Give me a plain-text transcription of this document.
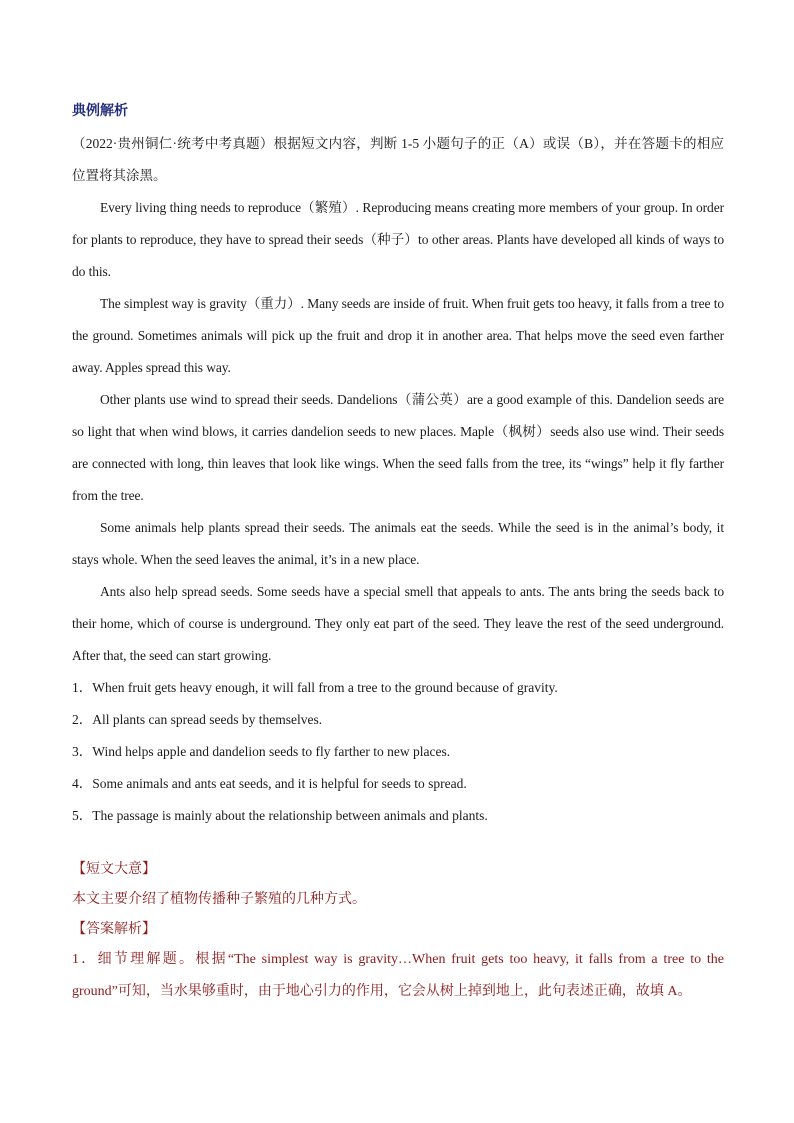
典例解析

（2022·贵州铜仁·统考中考真题）根据短文内容，判断 1-5 小题句子的正（A）或误（B），并在答题卡的相应位置将其涂黑。

Every living thing needs to reproduce（繁殖）. Reproducing means creating more members of your group. In order for plants to reproduce, they have to spread their seeds（种子）to other areas. Plants have developed all kinds of ways to do this.

The simplest way is gravity（重力）. Many seeds are inside of fruit. When fruit gets too heavy, it falls from a tree to the ground. Sometimes animals will pick up the fruit and drop it in another area. That helps move the seed even farther away. Apples spread this way.

Other plants use wind to spread their seeds. Dandelions（蒲公英）are a good example of this. Dandelion seeds are so light that when wind blows, it carries dandelion seeds to new places. Maple（枫树）seeds also use wind. Their seeds are connected with long, thin leaves that look like wings. When the seed falls from the tree, its “wings” help it fly farther from the tree.

Some animals help plants spread their seeds. The animals eat the seeds. While the seed is in the animal’s body, it stays whole. When the seed leaves the animal, it’s in a new place.

Ants also help spread seeds. Some seeds have a special smell that appeals to ants. The ants bring the seeds back to their home, which of course is underground. They only eat part of the seed. They leave the rest of the seed underground. After that, the seed can start growing.

1．When fruit gets heavy enough, it will fall from a tree to the ground because of gravity.

2．All plants can spread seeds by themselves.

3．Wind helps apple and dandelion seeds to fly farther to new places.

4．Some animals and ants eat seeds, and it is helpful for seeds to spread.

5．The passage is mainly about the relationship between animals and plants.

【短文大意】

本文主要介绍了植物传播种子繁殖的几种方式。

【答案解析】

1．细节理解题。根据“The simplest way is gravity…When fruit gets too heavy, it falls from a tree to the ground”可知，当水果够重时，由于地心引力的作用，它会从树上掉到地上，此句表述正确，故填 A。
